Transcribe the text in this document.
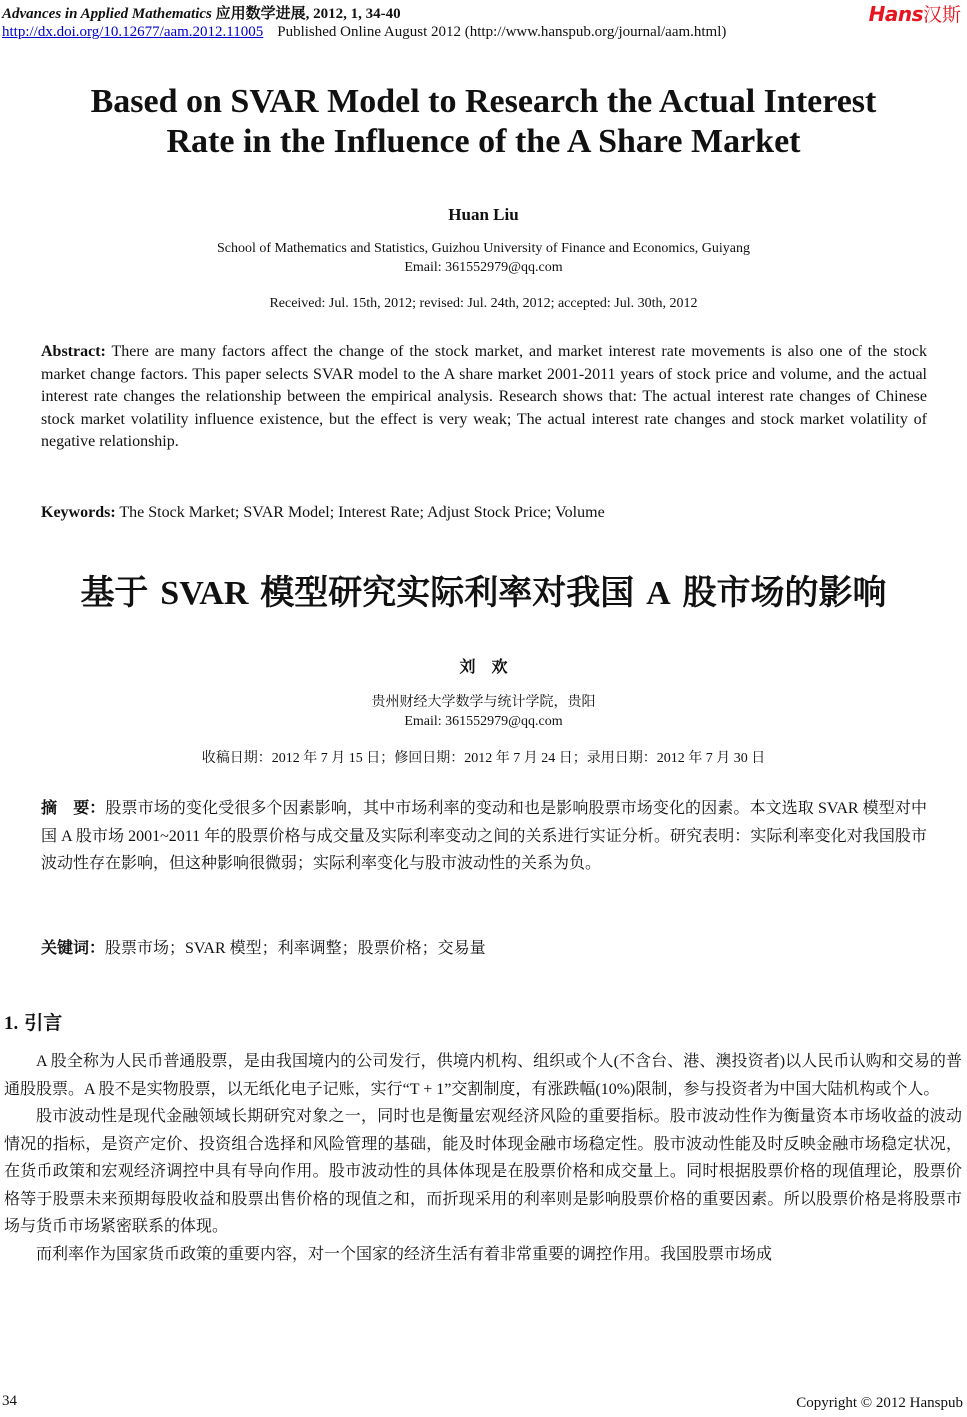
Advances in Applied Mathematics 应用数学进展, 2012, 1, 34-40	Hans汉斯
http://dx.doi.org/10.12677/aam.2012.11005 Published Online August 2012 (http://www.hanspub.org/journal/aam.html)
Based on SVAR Model to Research the Actual Interest
Rate in the Influence of the A Share Market
Huan Liu
School of Mathematics and Statistics, Guizhou University of Finance and Economics, Guiyang
Email: 361552979@qq.com
Received: Jul. 15th, 2012; revised: Jul. 24th, 2012; accepted: Jul. 30th, 2012
Abstract: There are many factors affect the change of the stock market, and market interest rate movements is also one of the stock market change factors. This paper selects SVAR model to the A share market 2001-2011 years of stock price and volume, and the actual interest rate changes the relationship between the empirical analysis. Research shows that: The actual interest rate changes of Chinese stock market volatility influence existence, but the effect is very weak; The actual interest rate changes and stock market volatility of negative relationship.
Keywords: The Stock Market; SVAR Model; Interest Rate; Adjust Stock Price; Volume
基于 SVAR 模型研究实际利率对我国 A 股市场的影响
刘欢
贵州财经大学数学与统计学院，贵阳
Email: 361552979@qq.com
收稿日期：2012 年 7 月 15 日；修回日期：2012 年 7 月 24 日；录用日期：2012 年 7 月 30 日
摘　要：股票市场的变化受很多个因素影响，其中市场利率的变动和也是影响股票市场变化的因素。本文选取 SVAR 模型对中国 A 股市场 2001~2011 年的股票价格与成交量及实际利率变动之间的关系进行实证分析。研究表明：实际利率变化对我国股市波动性存在影响，但这种影响很微弱；实际利率变化与股市波动性的关系为负。
关键词：股票市场；SVAR 模型；利率调整；股票价格；交易量
1. 引言

A 股全称为人民币普通股票，是由我国境内的公司发行，供境内机构、组织或个人(不含台、港、澳投资者)以人民币认购和交易的普通股股票。A 股不是实物股票，以无纸化电子记账，实行“T + 1”交割制度，有涨跌幅(10%)限制，参与投资者为中国大陆机构或个人。

股市波动性是现代金融领域长期研究对象之一，同时也是衡量宏观经济风险的重要指标。股市波动性作为衡量资本市场收益的波动情况的指标，是资产定价、投资组合选择和风险管理的基础，能及时体现金融市场稳定性。股市波动性能及时反映金融市场稳定状况，在货币政策和宏观经济调控中具有导向作用。股市波动性的具体体现是在股票价格和成交量上。同时根据股票价格的现值理论，股票价格等于股票未来预期每股收益和股票出售价格的现值之和，而折现采用的利率则是影响股票价格的重要因素。所以股票价格是将股票市场与货币市场紧密联系的体现。

而利率作为国家货币政策的重要内容，对一个国家的经济生活有着非常重要的调控作用。我国股票市场成

34	Copyright © 2012 Hanspub
